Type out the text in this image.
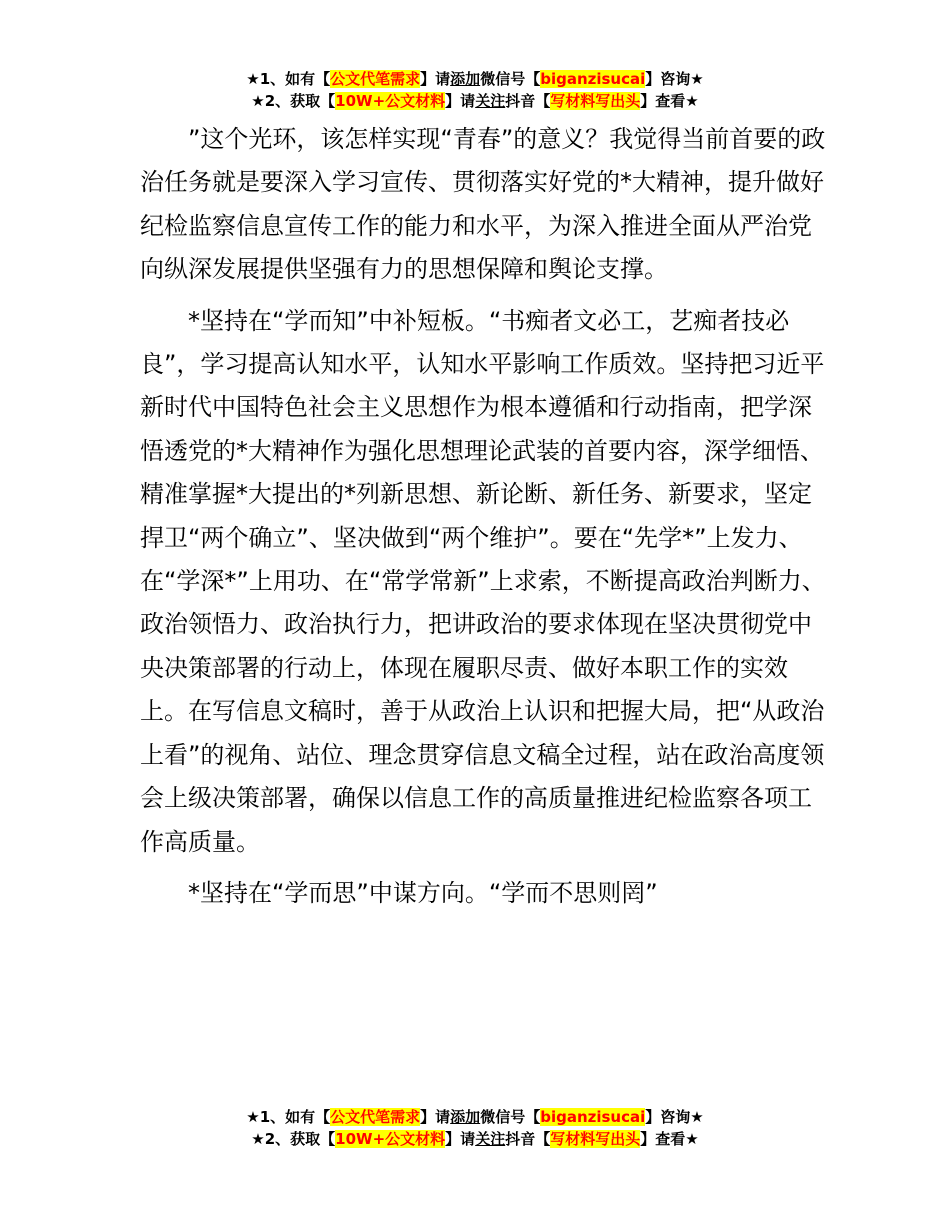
★1、如有【公文代笔需求】请添加微信号【biganzisucai】咨询★
★2、获取【10W+公文材料】请关注抖音【写材料写出头】查看★

”这个光环，该怎样实现“青春”的意义？我觉得当前首要的政治任务就是要深入学习宣传、贯彻落实好党的*大精神，提升做好纪检监察信息宣传工作的能力和水平，为深入推进全面从严治党向纵深发展提供坚强有力的思想保障和舆论支撑。

*坚持在“学而知”中补短板。“书痴者文必工，艺痴者技必良”，学习提高认知水平，认知水平影响工作质效。坚持把习近平新时代中国特色社会主义思想作为根本遵循和行动指南，把学深悟透党的*大精神作为强化思想理论武装的首要内容，深学细悟、精准掌握*大提出的*列新思想、新论断、新任务、新要求，坚定捍卫“两个确立”、坚决做到“两个维护”。要在“先学*”上发力、在“学深*”上用功、在“常学常新”上求索，不断提高政治判断力、政治领悟力、政治执行力，把讲政治的要求体现在坚决贯彻党中央决策部署的行动上，体现在履职尽责、做好本职工作的实效上。在写信息文稿时，善于从政治上认识和把握大局，把“从政治上看”的视角、站位、理念贯穿信息文稿全过程，站在政治高度领会上级决策部署，确保以信息工作的高质量推进纪检监察各项工作高质量。

*坚持在“学而思”中谋方向。“学而不思则罔”

★1、如有【公文代笔需求】请添加微信号【biganzisucai】咨询★
★2、获取【10W+公文材料】请关注抖音【写材料写出头】查看★
